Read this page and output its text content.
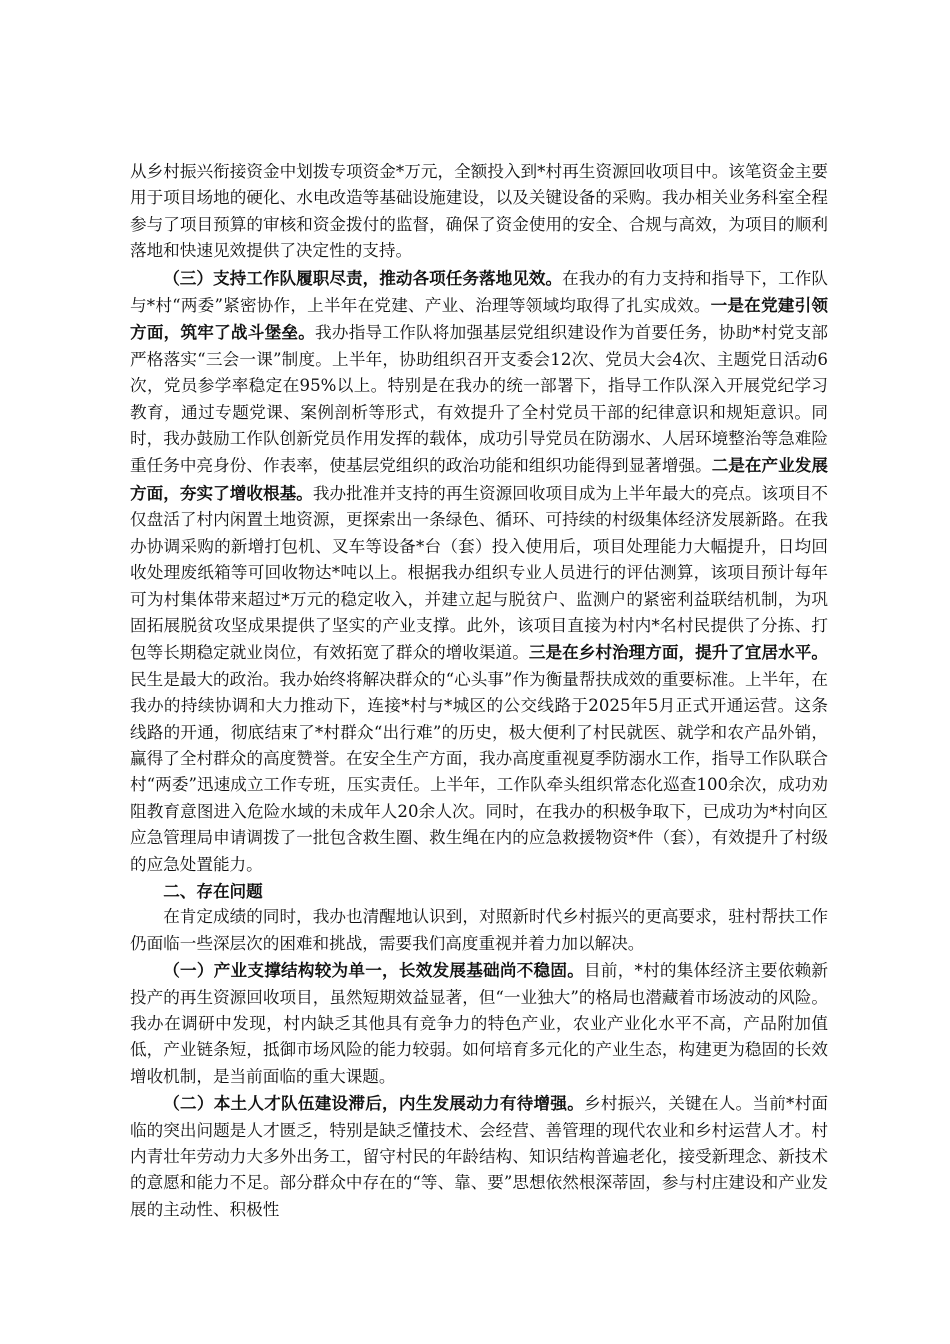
从乡村振兴衔接资金中划拨专项资金*万元，全额投入到*村再生资源回收项目中。该笔资金主要用于项目场地的硬化、水电改造等基础设施建设，以及关键设备的采购。我办相关业务科室全程参与了项目预算的审核和资金拨付的监督，确保了资金使用的安全、合规与高效，为项目的顺利落地和快速见效提供了决定性的支持。

（三）支持工作队履职尽责，推动各项任务落地见效。在我办的有力支持和指导下，工作队与*村“两委”紧密协作，上半年在党建、产业、治理等领域均取得了扎实成效。一是在党建引领方面，筑牢了战斗堡垒。我办指导工作队将加强基层党组织建设作为首要任务，协助*村党支部严格落实“三会一课”制度。上半年，协助组织召开支委会12次、党员大会4次、主题党日活动6次，党员参学率稳定在95%以上。特别是在我办的统一部署下，指导工作队深入开展党纪学习教育，通过专题党课、案例剖析等形式，有效提升了全村党员干部的纪律意识和规矩意识。同时，我办鼓励工作队创新党员作用发挥的载体，成功引导党员在防溺水、人居环境整治等急难险重任务中亮身份、作表率，使基层党组织的政治功能和组织功能得到显著增强。二是在产业发展方面，夯实了增收根基。我办批准并支持的再生资源回收项目成为上半年最大的亮点。该项目不仅盘活了村内闲置土地资源，更探索出一条绿色、循环、可持续的村级集体经济发展新路。在我办协调采购的新增打包机、叉车等设备*台（套）投入使用后，项目处理能力大幅提升，日均回收处理废纸箱等可回收物达*吨以上。根据我办组织专业人员进行的评估测算，该项目预计每年可为村集体带来超过*万元的稳定收入，并建立起与脱贫户、监测户的紧密利益联结机制，为巩固拓展脱贫攻坚成果提供了坚实的产业支撑。此外，该项目直接为村内*名村民提供了分拣、打包等长期稳定就业岗位，有效拓宽了群众的增收渠道。三是在乡村治理方面，提升了宜居水平。民生是最大的政治。我办始终将解决群众的“心头事”作为衡量帮扶成效的重要标准。上半年，在我办的持续协调和大力推动下，连接*村与*城区的公交线路于2025年5月正式开通运营。这条线路的开通，彻底结束了*村群众“出行难”的历史，极大便利了村民就医、就学和农产品外销，赢得了全村群众的高度赞誉。在安全生产方面，我办高度重视夏季防溺水工作，指导工作队联合村“两委”迅速成立工作专班，压实责任。上半年，工作队牵头组织常态化巡查100余次，成功劝阻教育意图进入危险水域的未成年人20余人次。同时，在我办的积极争取下，已成功为*村向区应急管理局申请调拨了一批包含救生圈、救生绳在内的应急救援物资*件（套），有效提升了村级的应急处置能力。

二、存在问题

在肯定成绩的同时，我办也清醒地认识到，对照新时代乡村振兴的更高要求，驻村帮扶工作仍面临一些深层次的困难和挑战，需要我们高度重视并着力加以解决。

（一）产业支撑结构较为单一，长效发展基础尚不稳固。目前，*村的集体经济主要依赖新投产的再生资源回收项目，虽然短期效益显著，但“一业独大”的格局也潜藏着市场波动的风险。我办在调研中发现，村内缺乏其他具有竞争力的特色产业，农业产业化水平不高，产品附加值低，产业链条短，抵御市场风险的能力较弱。如何培育多元化的产业生态，构建更为稳固的长效增收机制，是当前面临的重大课题。

（二）本土人才队伍建设滞后，内生发展动力有待增强。乡村振兴，关键在人。当前*村面临的突出问题是人才匮乏，特别是缺乏懂技术、会经营、善管理的现代农业和乡村运营人才。村内青壮年劳动力大多外出务工，留守村民的年龄结构、知识结构普遍老化，接受新理念、新技术的意愿和能力不足。部分群众中存在的“等、靠、要”思想依然根深蒂固，参与村庄建设和产业发展的主动性、积极性
